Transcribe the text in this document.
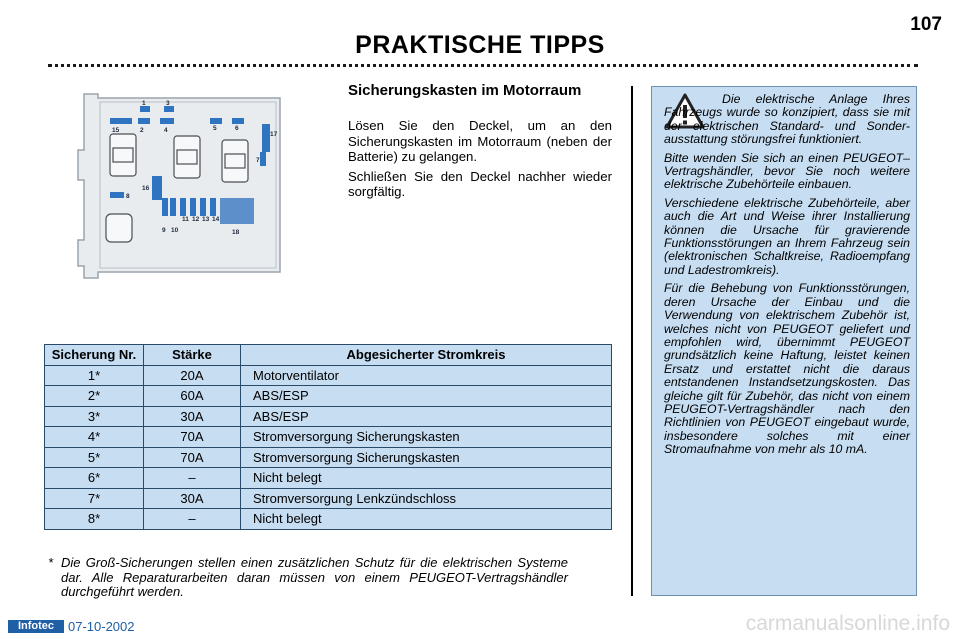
107
PRAKTISCHE TIPPS
1	3
15	2	4	5	6
17
7
16
8
9 10
11 12 13 14
18
Sicherungskasten im Motorraum

Lösen Sie den Deckel, um an den Sicherungskasten im Motorraum (neben der Batterie) zu gelangen.

Schließen Sie den Deckel nachher wieder sorgfältig.

Die elektrische Anlage Ihres Fahrzeugs wurde so konzipiert, dass sie mit der elektrischen Standard- und Sonder-ausstattung störungsfrei funktioniert.

Bitte wenden Sie sich an einen PEUGEOT–Vertragshändler, bevor Sie noch weitere elektrische Zubehörteile einbauen.

Verschiedene elektrische Zubehörteile, aber auch die Art und Weise ihrer Installierung können die Ursache für gravierende Funktionsstörungen an Ihrem Fahrzeug sein (elektronischen Schaltkreise, Radioempfang und Ladestromkreis).

Für die Behebung von Funktionsstörungen, deren Ursache der Einbau und die Verwendung von elektrischem Zubehör ist, welches nicht von PEUGEOT geliefert und empfohlen wird, übernimmt PEUGEOT grundsätzlich keine Haftung, leistet keinen Ersatz und erstattet nicht die daraus entstandenen Instandsetzungskosten. Das gleiche gilt für Zubehör, das nicht von einem PEUGEOT-Vertragshändler nach den Richtlinien von PEUGEOT eingebaut wurde, insbesondere solches mit einer Stromaufnahme von mehr als 10 mA.

Sicherung Nr.	Stärke	Abgesicherter Stromkreis
1*	20A	Motorventilator
2*	60A	ABS/ESP
3*	30A	ABS/ESP
4*	70A	Stromversorgung Sicherungskasten
5*	70A	Stromversorgung Sicherungskasten
6*	–	Nicht belegt
7*	30A	Stromversorgung Lenkzündschloss
8*	–	Nicht belegt
* Die Groß-Sicherungen stellen einen zusätzlichen Schutz für die elektrischen Systeme dar. Alle Reparaturarbeiten daran müssen von einem PEUGEOT-Vertragshändler durchgeführt werden.
Infotec	07-10-2002	carmanualsonline.info
